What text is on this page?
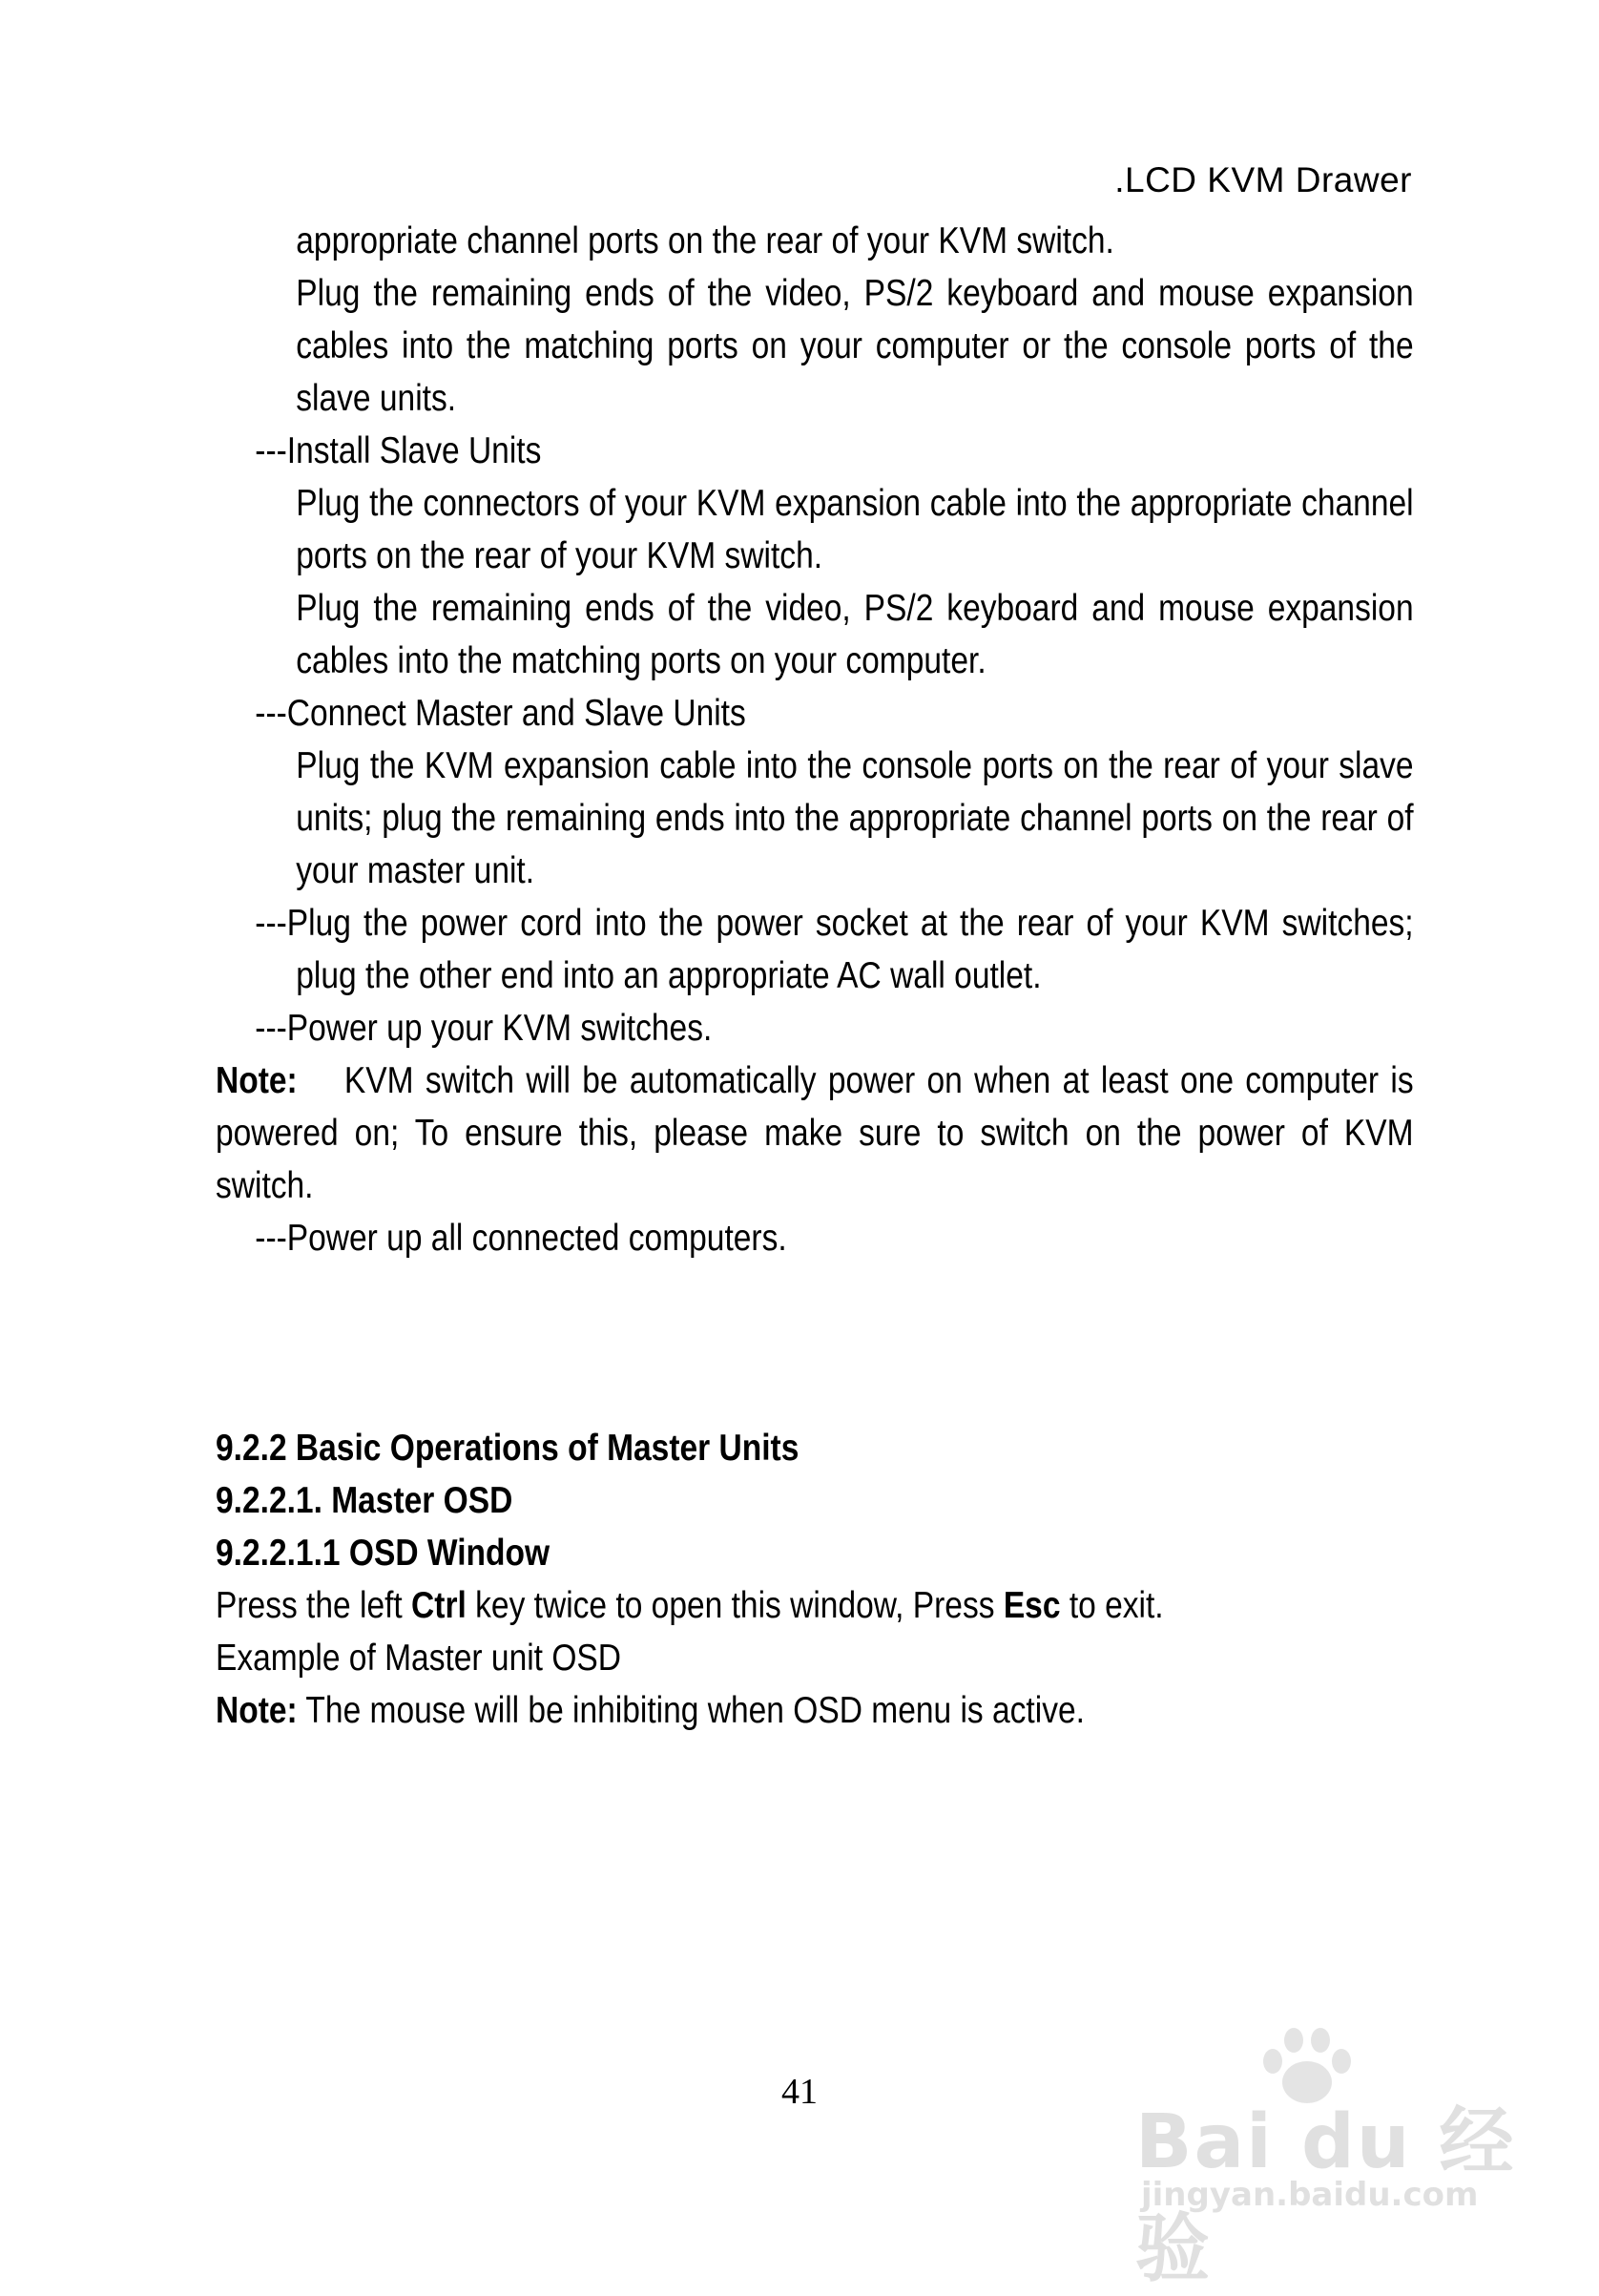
.LCD KVM Drawer

appropriate channel ports on the rear of your KVM switch.

Plug the remaining ends of the video, PS/2 keyboard and mouse expansion cables into the matching ports on your computer or the console ports of the slave units.

---Install Slave Units

Plug the connectors of your KVM expansion cable into the appropriate channel ports on the rear of your KVM switch.

Plug the remaining ends of the video, PS/2 keyboard and mouse expansion cables into the matching ports on your computer.

---Connect Master and Slave Units

Plug the KVM expansion cable into the console ports on the rear of your slave units; plug the remaining ends into the appropriate channel ports on the rear of your master unit.

---Plug the power cord into the power socket at the rear of your KVM switches; plug the other end into an appropriate AC wall outlet.

---Power up your KVM switches.

Note: KVM switch will be automatically power on when at least one computer is powered on; To ensure this, please make sure to switch on the power of KVM switch.

---Power up all connected computers.

9.2.2 Basic Operations of Master Units

9.2.2.1. Master OSD

9.2.2.1.1 OSD Window

Press the left Ctrl key twice to open this window, Press Esc to exit.

Example of Master unit OSD

Note: The mouse will be inhibiting when OSD menu is active.

41
Bai du 经验
jingyan.baidu.com
